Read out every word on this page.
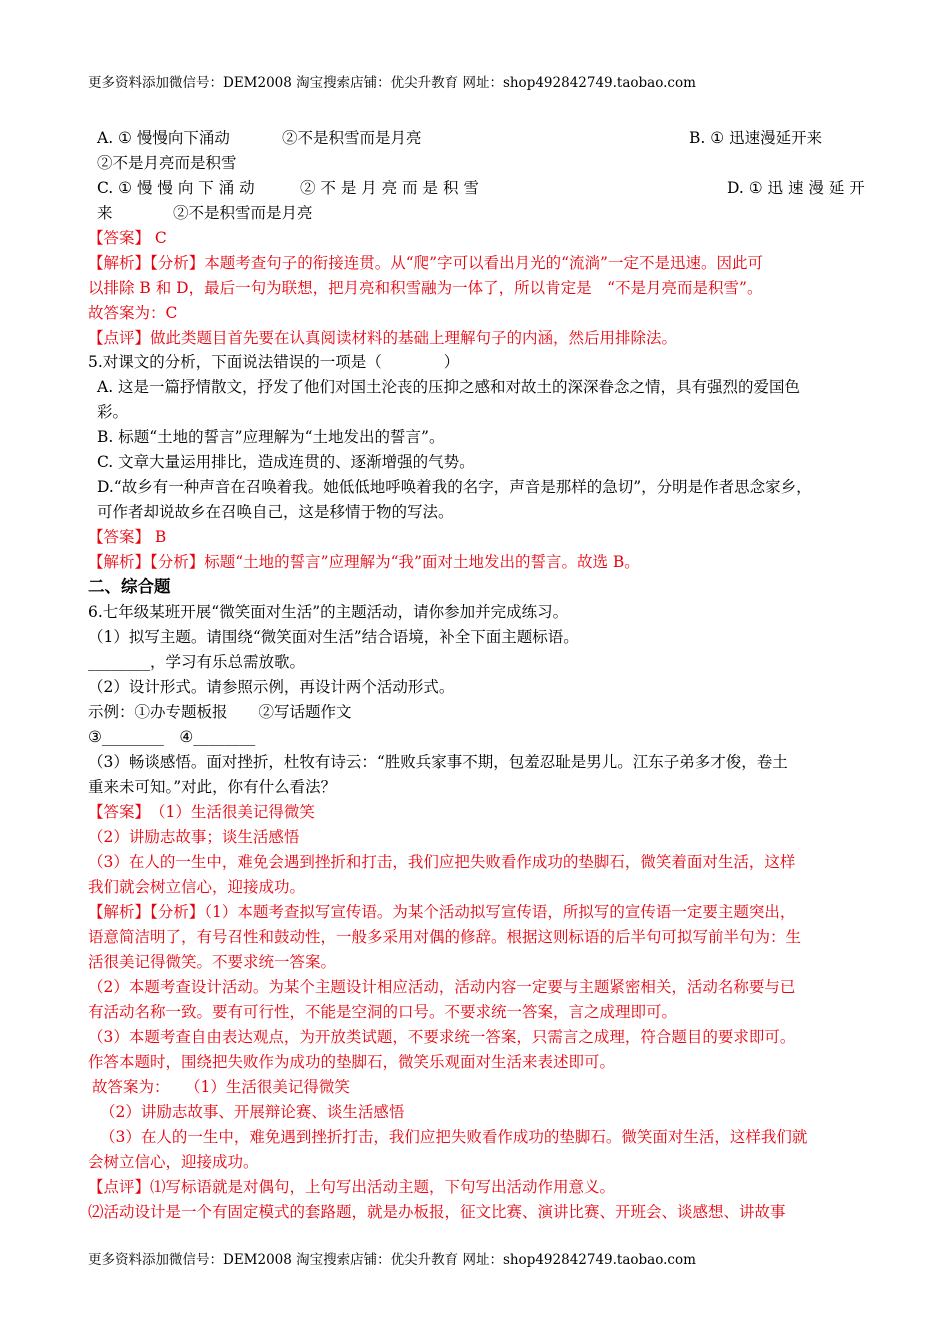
更多资料添加微信号：DEM2008 淘宝搜索店铺：优尖升教育 网址：shop492842749.taobao.com
A. ① 慢慢向下涌动	②不是积雪而是月亮	B. ① 迅速漫延开来
②不是月亮而是积雪
C. ① 慢 慢 向 下 涌 动	② 不 是 月 亮 而 是 积 雪	D. ① 迅 速 漫 延 开
来	②不是积雪而是月亮
【答案】 C
【解析】【分析】本题考查句子的衔接连贯。从“爬”字可以看出月光的“流淌”一定不是迅速。因此可
以排除 B 和 D，最后一句为联想，把月亮和积雪融为一体了，所以肯定是　“不是月亮而是积雪”。
故答案为：C
【点评】做此类题目首先要在认真阅读材料的基础上理解句子的内涵，然后用排除法。
5.对课文的分析，下面说法错误的一项是（　　　　）
A. 这是一篇抒情散文，抒发了他们对国土沦丧的压抑之感和对故土的深深眷念之情，具有强烈的爱国色
彩。
B. 标题“土地的誓言”应理解为“土地发出的誓言”。
C. 文章大量运用排比，造成连贯的、逐渐增强的气势。
D.“故乡有一种声音在召唤着我。她低低地呼唤着我的名字，声音是那样的急切”，分明是作者思念家乡，
可作者却说故乡在召唤自己，这是移情于物的写法。
【答案】 B
【解析】【分析】标题“土地的誓言”应理解为“我”面对土地发出的誓言。故选 B。
二、综合题
6.七年级某班开展“微笑面对生活”的主题活动，请你参加并完成练习。
（1）拟写主题。请围绕“微笑面对生活”结合语境，补全下面主题标语。
________，学习有乐总需放歌。
（2）设计形式。请参照示例，再设计两个活动形式。
示例：①办专题板报　　②写话题作文
③________　④________
（3）畅谈感悟。面对挫折，杜牧有诗云：“胜败兵家事不期，包羞忍耻是男儿。江东子弟多才俊，卷土
重来未可知。”对此，你有什么看法？
【答案】　（1）生活很美记得微笑
（2）讲励志故事；谈生活感悟
（3）在人的一生中，难免会遇到挫折和打击，我们应把失败看作成功的垫脚石，微笑着面对生活，这样
我们就会树立信心，迎接成功。
【解析】【分析】（1）本题考查拟写宣传语。为某个活动拟写宣传语，所拟写的宣传语一定要主题突出，
语意简洁明了，有号召性和鼓动性，一般多采用对偶的修辞。根据这则标语的后半句可拟写前半句为：生
活很美记得微笑。不要求统一答案。
（2）本题考查设计活动。为某个主题设计相应活动，活动内容一定要与主题紧密相关，活动名称要与已
有活动名称一致。要有可行性，不能是空洞的口号。不要求统一答案，言之成理即可。
（3）本题考查自由表达观点，为开放类试题，不要求统一答案，只需言之成理，符合题目的要求即可。
作答本题时，围绕把失败作为成功的垫脚石，微笑乐观面对生活来表述即可。
故答案为：　　（1）生活很美记得微笑
（2）讲励志故事、开展辩论赛、谈生活感悟
（3）在人的一生中，难免遇到挫折打击，我们应把失败看作成功的垫脚石。微笑面对生活，这样我们就
会树立信心，迎接成功。
【点评】⑴写标语就是对偶句，上句写出活动主题，下句写出活动作用意义。
⑵活动设计是一个有固定模式的套路题，就是办板报，征文比赛、演讲比赛、开班会、谈感想、讲故事
更多资料添加微信号：DEM2008 淘宝搜索店铺：优尖升教育 网址：shop492842749.taobao.com
